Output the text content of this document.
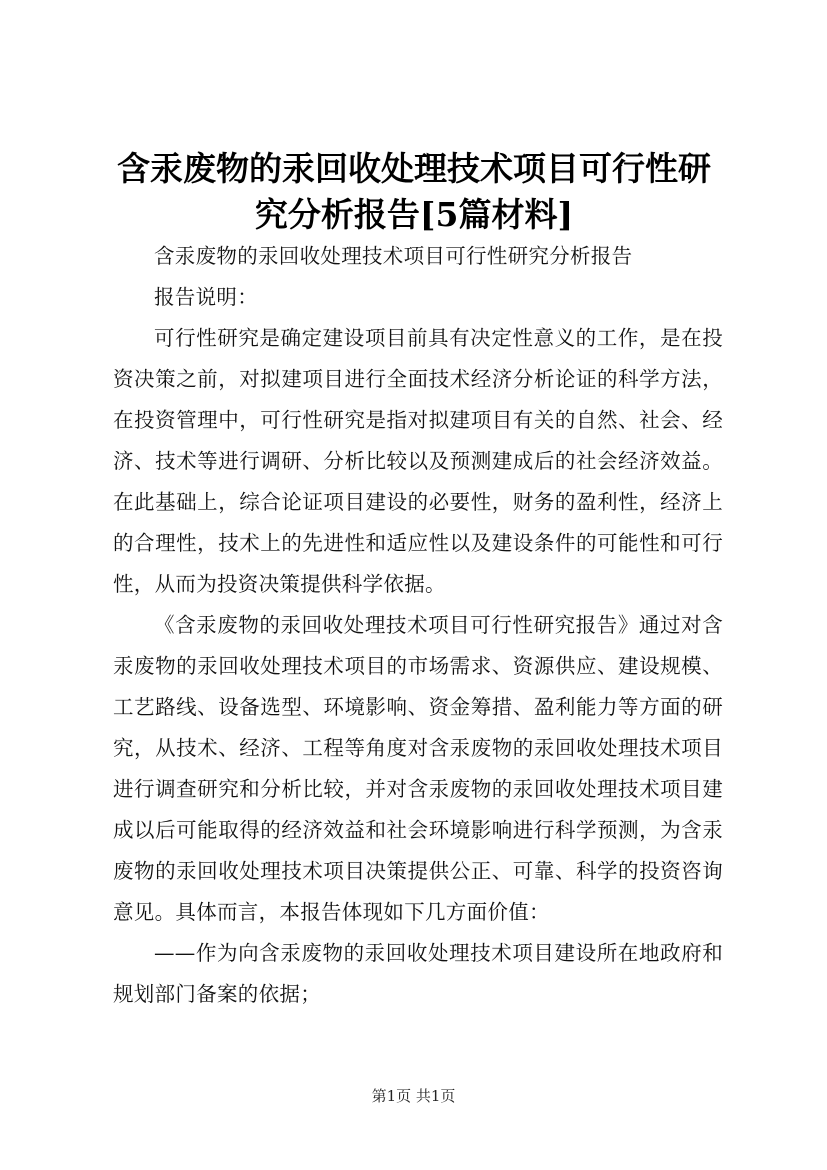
含汞废物的汞回收处理技术项目可行性研究分析报告[5篇材料]

含汞废物的汞回收处理技术项目可行性研究分析报告

报告说明：

可行性研究是确定建设项目前具有决定性意义的工作，是在投资决策之前，对拟建项目进行全面技术经济分析论证的科学方法，在投资管理中，可行性研究是指对拟建项目有关的自然、社会、经济、技术等进行调研、分析比较以及预测建成后的社会经济效益。在此基础上，综合论证项目建设的必要性，财务的盈利性，经济上的合理性，技术上的先进性和适应性以及建设条件的可能性和可行性，从而为投资决策提供科学依据。

《含汞废物的汞回收处理技术项目可行性研究报告》通过对含汞废物的汞回收处理技术项目的市场需求、资源供应、建设规模、工艺路线、设备选型、环境影响、资金筹措、盈利能力等方面的研究，从技术、经济、工程等角度对含汞废物的汞回收处理技术项目进行调查研究和分析比较，并对含汞废物的汞回收处理技术项目建成以后可能取得的经济效益和社会环境影响进行科学预测，为含汞废物的汞回收处理技术项目决策提供公正、可靠、科学的投资咨询意见。具体而言，本报告体现如下几方面价值：

——作为向含汞废物的汞回收处理技术项目建设所在地政府和规划部门备案的依据；

第1页 共1页
